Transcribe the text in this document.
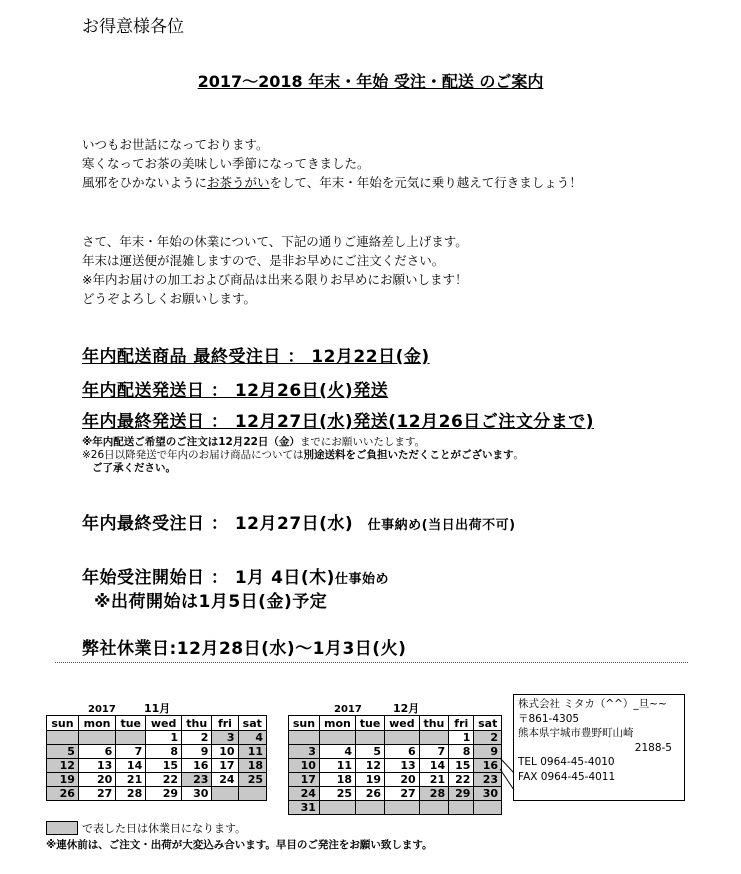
お得意様各位
2017～2018 年末・年始 受注・配送 のご案内
いつもお世話になっております。
寒くなってお茶の美味しい季節になってきました。
風邪をひかないようにお茶うがいをして、年末・年始を元気に乗り越えて行きましょう！
さて、年末・年始の休業について、下記の通りご連絡差し上げます。
年末は運送便が混雑しますので、是非お早めにご注文ください。
※年内お届けの加工および商品は出来る限りお早めにお願いします！
どうぞよろしくお願いします。
年内配送商品 最終受注日 ： 12月22日(金)
年内配送発送日 ： 12月26日(火)発送
年内最終発送日 ： 12月27日(水)発送(12月26日ご注文分まで)
※年内配送ご希望のご注文は12月22日（金）までにお願いいたします。
※26日以降発送で年内のお届け商品については別途送料をご負担いただくことがございます。
ご了承ください。
年内最終受注日 ： 12月27日(水) 仕事納め(当日出荷不可)
年始受注開始日 ： 1月 4日(木)仕事始め
※出荷開始は1月5日(金)予定
弊社休業日:12月28日(水)～1月3日(火)
2017	11月
sun	mon	tue	wed	thu	fri	sat
			1	2	3	4
5	6	7	8	9	10	11
12	13	14	15	16	17	18
19	20	21	22	23	24	25
26	27	28	29	30		
2017	12月
sun	mon	tue	wed	thu	fri	sat
					1	2
3	4	5	6	7	8	9
10	11	12	13	14	15	16
17	18	19	20	21	22	23
24	25	26	27	28	29	30
31						
株式会社 ミタカ（^^）_旦~~
〒861-4305
熊本県宇城市豊野町山崎
2188-5
TEL 0964-45-4010
FAX 0964-45-4011
で表した日は休業日になります。
※連休前は、ご注文・出荷が大変込み合います。早目のご発注をお願い致します。
